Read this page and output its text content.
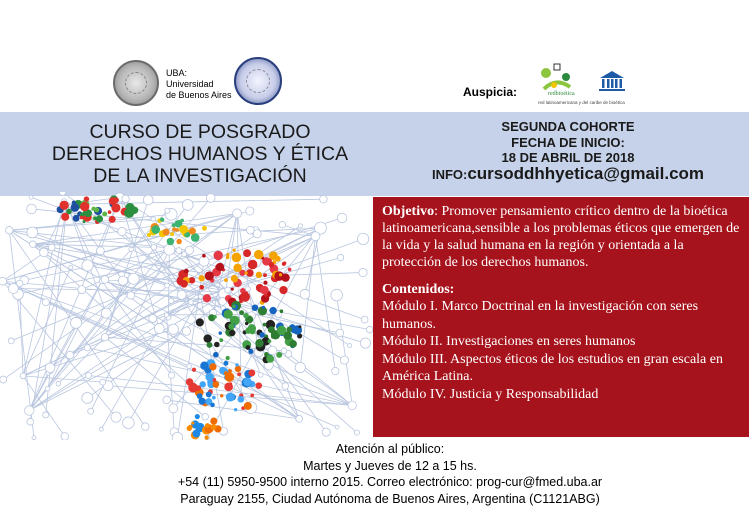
UBA:
Universidad
de Buenos Aires	Auspicia:	redbioética
red latinoamericana y del caribe de bioética
CURSO DE POSGRADO
DERECHOS HUMANOS Y ÉTICA
DE LA INVESTIGACIÓN
SEGUNDA COHORTE
FECHA DE INICIO:
18 DE ABRIL DE 2018
INFO:cursoddhhyetica@gmail.com

Objetivo: Promover pensamiento crítico dentro de la bioética latinoamericana,sensible a los problemas éticos que emergen de la vida y la salud humana en la región y orientada a la protección de los derechos humanos.

Contenidos:
Módulo I. Marco Doctrinal en la investigación con seres humanos.
Módulo II. Investigaciones en seres humanos
Módulo III. Aspectos éticos de los estudios en gran escala en América Latina.
Módulo IV. Justicia y Responsabilidad
Atención al público:
Martes y Jueves de 12 a 15 hs.
+54 (11) 5950-9500 interno 2015. Correo electrónico: prog-cur@fmed.uba.ar
Paraguay 2155, Ciudad Autónoma de Buenos Aires, Argentina (C1121ABG)
